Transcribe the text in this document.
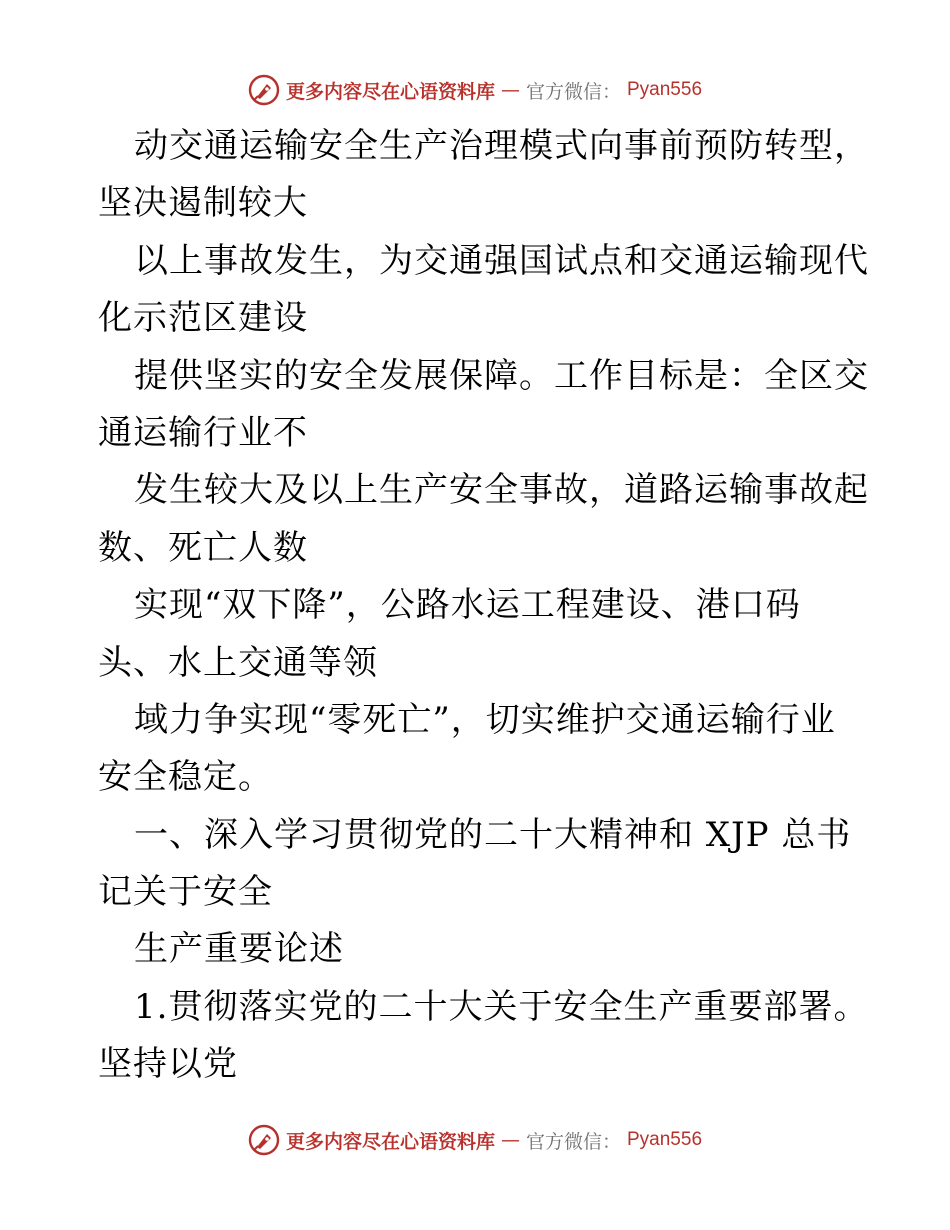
更多内容尽在心语资料库 — 官方微信： Pyan556
动交通运输安全生产治理模式向事前预防转型，
坚决遏制较大
以上事故发生，为交通强国试点和交通运输现代
化示范区建设
提供坚实的安全发展保障。工作目标是：全区交
通运输行业不
发生较大及以上生产安全事故，道路运输事故起
数、死亡人数
实现“双下降”，公路水运工程建设、港口码
头、水上交通等领
域力争实现“零死亡”，切实维护交通运输行业
安全稳定。
一、深入学习贯彻党的二十大精神和 XJP 总书
记关于安全
生产重要论述
1.贯彻落实党的二十大关于安全生产重要部署。
坚持以党
更多内容尽在心语资料库 — 官方微信： Pyan556
